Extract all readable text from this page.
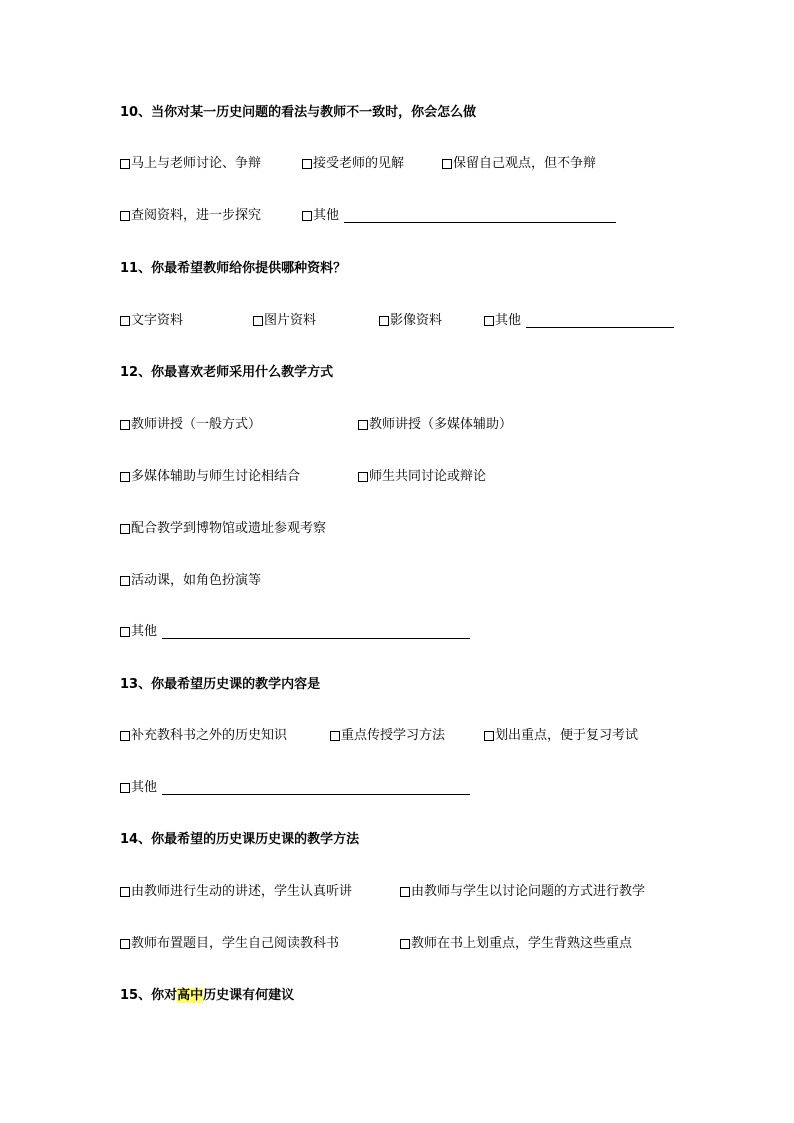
10、当你对某一历史问题的看法与教师不一致时，你会怎么做
马上与老师讨论、争辩	接受老师的见解	保留自己观点，但不争辩
查阅资料，进一步探究	其他
11、你最希望教师给你提供哪种资料？
文字资料	图片资料	影像资料	其他
12、你最喜欢老师采用什么教学方式
教师讲授（一般方式）	教师讲授（多媒体辅助）
多媒体辅助与师生讨论相结合	师生共同讨论或辩论
配合教学到博物馆或遗址参观考察
活动课，如角色扮演等
其他
13、你最希望历史课的教学内容是
补充教科书之外的历史知识	重点传授学习方法	划出重点，便于复习考试
其他
14、你最希望的历史课历史课的教学方法
由教师进行生动的讲述，学生认真听讲	由教师与学生以讨论问题的方式进行教学
教师布置题目，学生自己阅读教科书	教师在书上划重点，学生背熟这些重点
15、你对高中历史课有何建议
